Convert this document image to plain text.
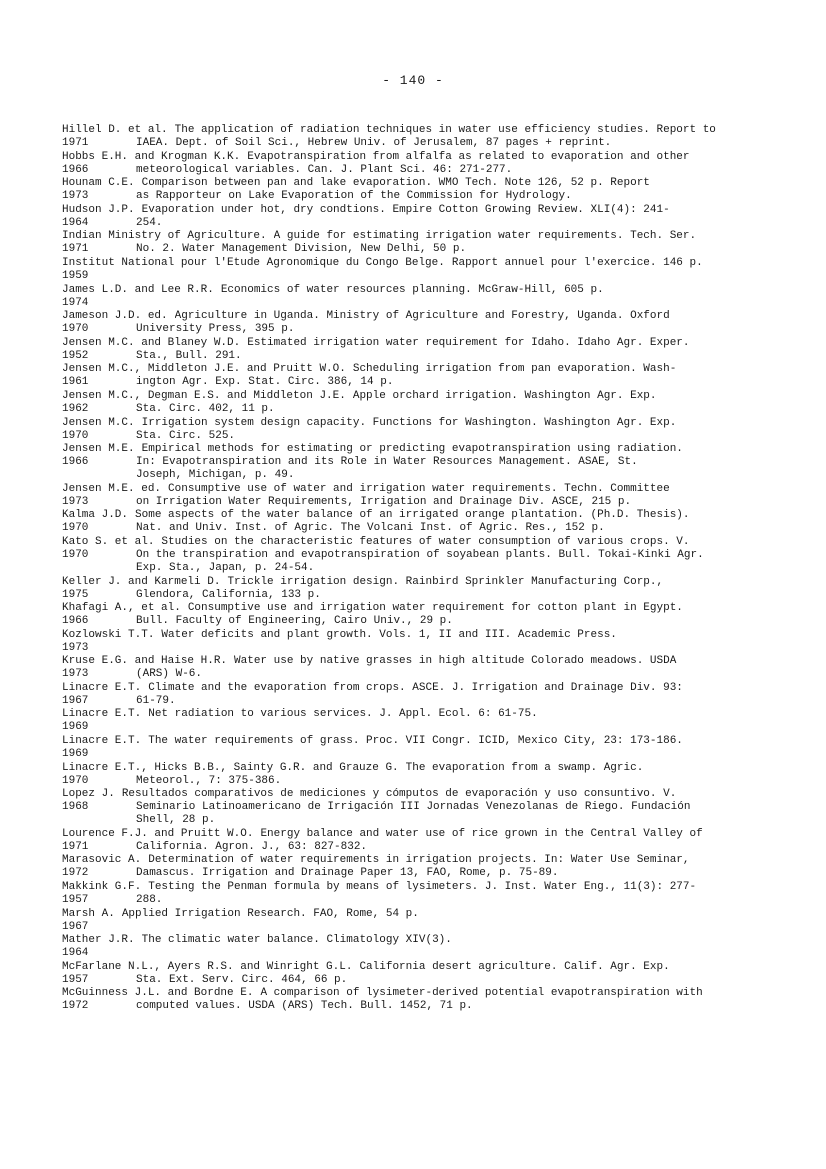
- 140 -
Hillel D. et al. The application of radiation techniques in water use efficiency studies. Report to
1971	IAEA. Dept. of Soil Sci., Hebrew Univ. of Jerusalem, 87 pages + reprint.
Hobbs E.H. and Krogman K.K. Evapotranspiration from alfalfa as related to evaporation and other
1966	meteorological variables. Can. J. Plant Sci. 46: 271-277.
Hounam C.E. Comparison between pan and lake evaporation. WMO Tech. Note 126, 52 p. Report
1973	as Rapporteur on Lake Evaporation of the Commission for Hydrology.
Hudson J.P. Evaporation under hot, dry condtions. Empire Cotton Growing Review. XLI(4): 241-
1964	254.
Indian Ministry of Agriculture. A guide for estimating irrigation water requirements. Tech. Ser.
1971	No. 2. Water Management Division, New Delhi, 50 p.
Institut National pour l'Etude Agronomique du Congo Belge. Rapport annuel pour l'exercice. 146 p.
1959
James L.D. and Lee R.R. Economics of water resources planning. McGraw-Hill, 605 p.
1974
Jameson J.D. ed. Agriculture in Uganda. Ministry of Agriculture and Forestry, Uganda. Oxford
1970	University Press, 395 p.
Jensen M.C. and Blaney W.D. Estimated irrigation water requirement for Idaho. Idaho Agr. Exper.
1952	Sta., Bull. 291.
Jensen M.C., Middleton J.E. and Pruitt W.O. Scheduling irrigation from pan evaporation. Wash-
1961	ington Agr. Exp. Stat. Circ. 386, 14 p.
Jensen M.C., Degman E.S. and Middleton J.E. Apple orchard irrigation. Washington Agr. Exp.
1962	Sta. Circ. 402, 11 p.
Jensen M.C. Irrigation system design capacity. Functions for Washington. Washington Agr. Exp.
1970	Sta. Circ. 525.
Jensen M.E. Empirical methods for estimating or predicting evapotranspiration using radiation.
1966	In: Evapotranspiration and its Role in Water Resources Management. ASAE, St.
Joseph, Michigan, p. 49.
Jensen M.E. ed. Consumptive use of water and irrigation water requirements. Techn. Committee
1973	on Irrigation Water Requirements, Irrigation and Drainage Div. ASCE, 215 p.
Kalma J.D. Some aspects of the water balance of an irrigated orange plantation. (Ph.D. Thesis).
1970	Nat. and Univ. Inst. of Agric. The Volcani Inst. of Agric. Res., 152 p.
Kato S. et al. Studies on the characteristic features of water consumption of various crops. V.
1970	On the transpiration and evapotranspiration of soyabean plants. Bull. Tokai-Kinki Agr.
Exp. Sta., Japan, p. 24-54.
Keller J. and Karmeli D. Trickle irrigation design. Rainbird Sprinkler Manufacturing Corp.,
1975	Glendora, California, 133 p.
Khafagi A., et al. Consumptive use and irrigation water requirement for cotton plant in Egypt.
1966	Bull. Faculty of Engineering, Cairo Univ., 29 p.
Kozlowski T.T. Water deficits and plant growth. Vols. 1, II and III. Academic Press.
1973
Kruse E.G. and Haise H.R. Water use by native grasses in high altitude Colorado meadows. USDA
1973	(ARS) W-6.
Linacre E.T. Climate and the evaporation from crops. ASCE. J. Irrigation and Drainage Div. 93:
1967	61-79.
Linacre E.T. Net radiation to various services. J. Appl. Ecol. 6: 61-75.
1969
Linacre E.T. The water requirements of grass. Proc. VII Congr. ICID, Mexico City, 23: 173-186.
1969
Linacre E.T., Hicks B.B., Sainty G.R. and Grauze G. The evaporation from a swamp. Agric.
1970	Meteorol., 7: 375-386.
Lopez J. Resultados comparativos de mediciones y cómputos de evaporación y uso consuntivo. V.
1968	Seminario Latinoamericano de Irrigación III Jornadas Venezolanas de Riego. Fundación
Shell, 28 p.
Lourence F.J. and Pruitt W.O. Energy balance and water use of rice grown in the Central Valley of
1971	California. Agron. J., 63: 827-832.
Marasovic A. Determination of water requirements in irrigation projects. In: Water Use Seminar,
1972	Damascus. Irrigation and Drainage Paper 13, FAO, Rome, p. 75-89.
Makkink G.F. Testing the Penman formula by means of lysimeters. J. Inst. Water Eng., 11(3): 277-
1957	288.
Marsh A. Applied Irrigation Research. FAO, Rome, 54 p.
1967
Mather J.R. The climatic water balance. Climatology XIV(3).
1964
McFarlane N.L., Ayers R.S. and Winright G.L. California desert agriculture. Calif. Agr. Exp.
1957	Sta. Ext. Serv. Circ. 464, 66 p.
McGuinness J.L. and Bordne E. A comparison of lysimeter-derived potential evapotranspiration with
1972	computed values. USDA (ARS) Tech. Bull. 1452, 71 p.
